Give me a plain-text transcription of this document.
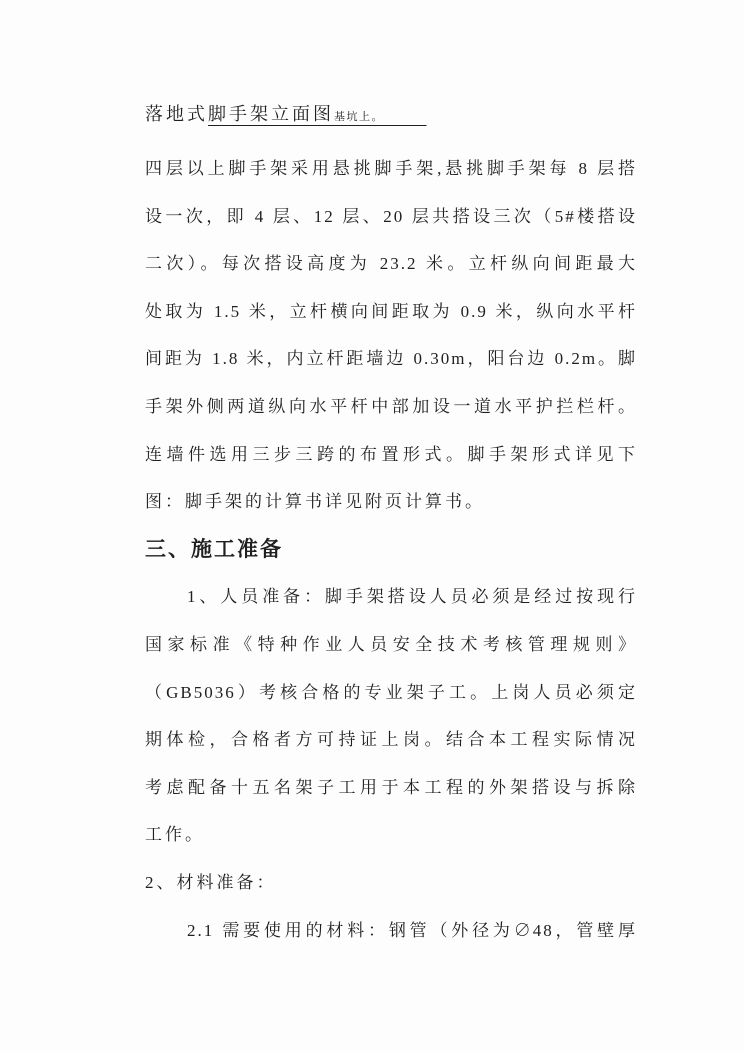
落地式脚手架立面图基坑上。
四层以上脚手架采用悬挑脚手架,悬挑脚手架每 8 层搭
设一次，即 4 层、12 层、20 层共搭设三次（5#楼搭设
二次）。每次搭设高度为 23.2 米。立杆纵向间距最大
处取为 1.5 米，立杆横向间距取为 0.9 米，纵向水平杆
间距为 1.8 米，内立杆距墙边 0.30m，阳台边 0.2m。脚
手架外侧两道纵向水平杆中部加设一道水平护拦栏杆。
连墙件选用三步三跨的布置形式。脚手架形式详见下
图：脚手架的计算书详见附页计算书。
三、施工准备
1、人员准备：脚手架搭设人员必须是经过按现行
国家标准《特种作业人员安全技术考核管理规则》
（GB5036）考核合格的专业架子工。上岗人员必须定
期体检，合格者方可持证上岗。结合本工程实际情况
考虑配备十五名架子工用于本工程的外架搭设与拆除
工作。
2、材料准备：
2.1 需要使用的材料：钢管（外径为∅48，管壁厚
